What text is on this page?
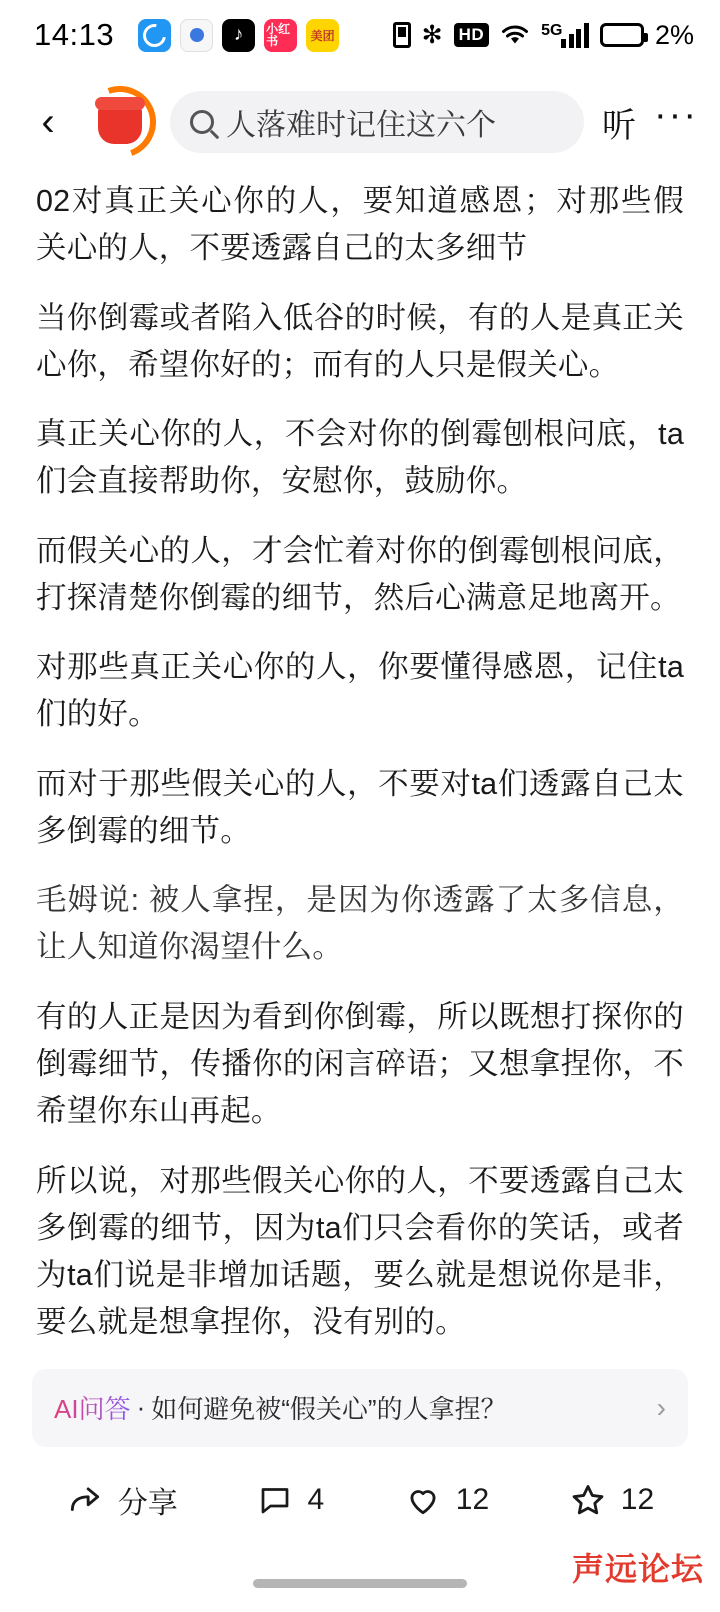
14:13 ♪	小红书	美团	✻ HD	5G	2%
‹	人落难时记住这六个	听 ···

02对真正关心你的人，要知道感恩；对那些假关心的人，不要透露自己的太多细节

当你倒霉或者陷入低谷的时候，有的人是真正关心你，希望你好的；而有的人只是假关心。

真正关心你的人，不会对你的倒霉刨根问底，ta们会直接帮助你，安慰你，鼓励你。

而假关心的人，才会忙着对你的倒霉刨根问底，打探清楚你倒霉的细节，然后心满意足地离开。

对那些真正关心你的人，你要懂得感恩，记住ta们的好。

而对于那些假关心的人，不要对ta们透露自己太多倒霉的细节。

毛姆说: 被人拿捏，是因为你透露了太多信息，让人知道你渴望什么。

有的人正是因为看到你倒霉，所以既想打探你的倒霉细节，传播你的闲言碎语；又想拿捏你，不希望你东山再起。

所以说，对那些假关心你的人，不要透露自己太多倒霉的细节，因为ta们只会看你的笑话，或者为ta们说是非增加话题，要么就是想说你是非，要么就是想拿捏你，没有别的。

AI问答 · 如何避免被“假关心”的人拿捏？	›
分享	4	12	12
声远论坛
